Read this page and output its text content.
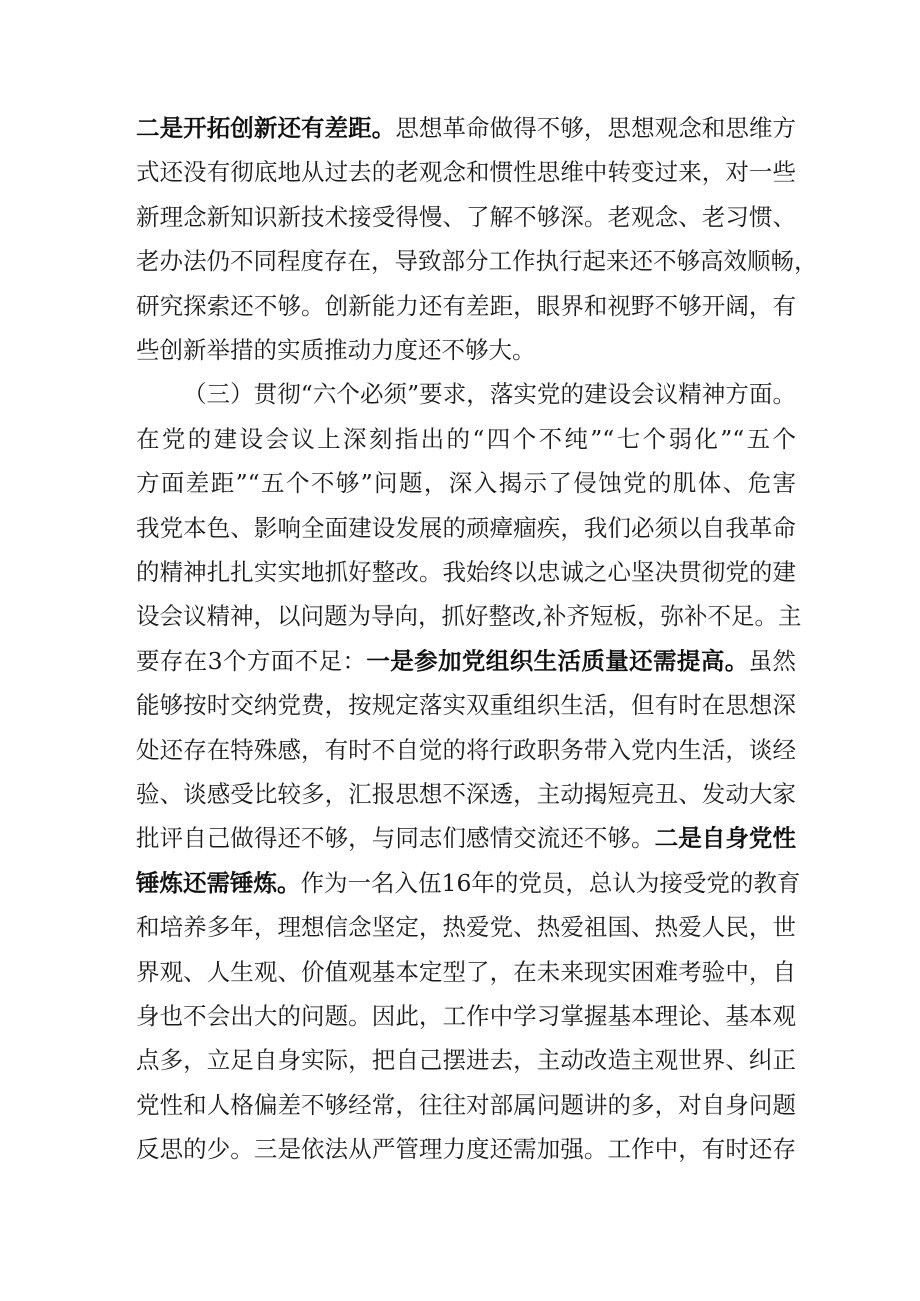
二是开拓创新还有差距。思想革命做得不够，思想观念和思维方
式还没有彻底地从过去的老观念和惯性思维中转变过来，对一些
新理念新知识新技术接受得慢、了解不够深。老观念、老习惯、
老办法仍不同程度存在，导致部分工作执行起来还不够高效顺畅，
研究探索还不够。创新能力还有差距，眼界和视野不够开阔，有
些创新举措的实质推动力度还不够大。
（三）贯彻“六个必须”要求，落实党的建设会议精神方面。
在党的建设会议上深刻指出的“四个不纯”“七个弱化”“五个
方面差距”“五个不够”问题，深入揭示了侵蚀党的肌体、危害
我党本色、影响全面建设发展的顽瘴痼疾，我们必须以自我革命
的精神扎扎实实地抓好整改。我始终以忠诚之心坚决贯彻党的建
设会议精神，以问题为导向，抓好整改,补齐短板，弥补不足。主
要存在3个方面不足：一是参加党组织生活质量还需提高。虽然
能够按时交纳党费，按规定落实双重组织生活，但有时在思想深
处还存在特殊感，有时不自觉的将行政职务带入党内生活，谈经
验、谈感受比较多，汇报思想不深透，主动揭短亮丑、发动大家
批评自己做得还不够，与同志们感情交流还不够。二是自身党性
锤炼还需锤炼。作为一名入伍16年的党员，总认为接受党的教育
和培养多年，理想信念坚定，热爱党、热爱祖国、热爱人民，世
界观、人生观、价值观基本定型了，在未来现实困难考验中，自
身也不会出大的问题。因此，工作中学习掌握基本理论、基本观
点多，立足自身实际，把自己摆进去，主动改造主观世界、纠正
党性和人格偏差不够经常，往往对部属问题讲的多，对自身问题
反思的少。三是依法从严管理力度还需加强。工作中，有时还存
